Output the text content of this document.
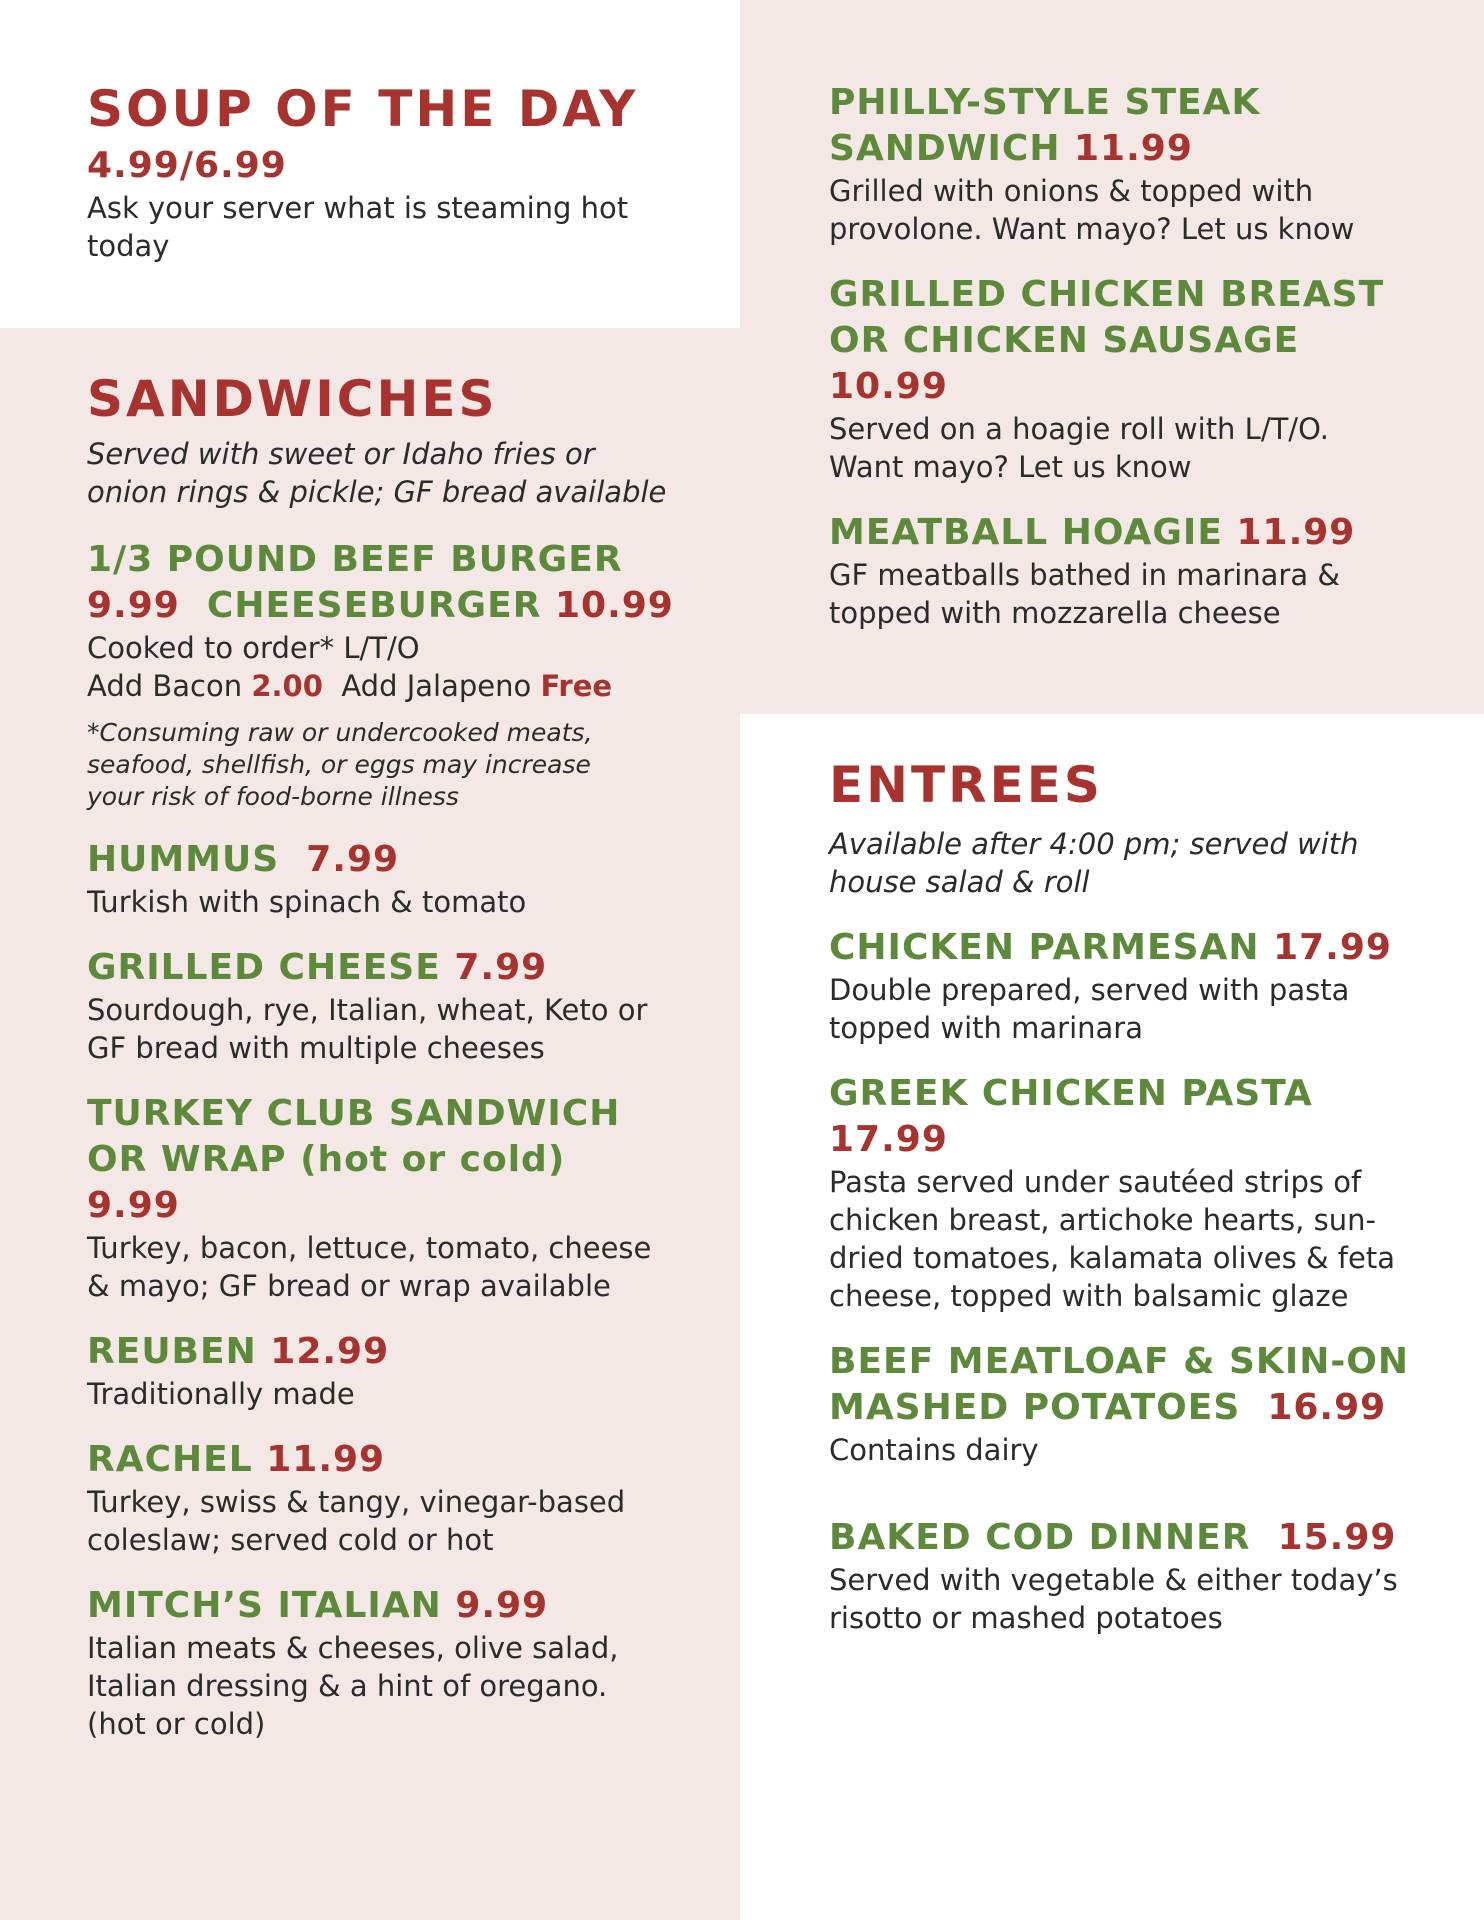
SOUP OF THE DAY
4.99/6.99

Ask your server what is steaming hot today

SANDWICHES

Served with sweet or Idaho fries or onion rings & pickle; GF bread available

1/3 POUND BEEF BURGER
9.99 CHEESEBURGER 10.99

Cooked to order* L/T/O

Add Bacon 2.00 Add Jalapeno Free

*Consuming raw or undercooked meats, seafood, shellfish, or eggs may increase your risk of food-borne illness

HUMMUS 7.99

Turkish with spinach & tomato

GRILLED CHEESE 7.99

Sourdough, rye, Italian, wheat, Keto or GF bread with multiple cheeses

TURKEY CLUB SANDWICH OR WRAP (hot or cold) 9.99

Turkey, bacon, lettuce, tomato, cheese & mayo; GF bread or wrap available

REUBEN 12.99

Traditionally made

RACHEL 11.99

Turkey, swiss & tangy, vinegar-based coleslaw; served cold or hot

MITCH’S ITALIAN 9.99

Italian meats & cheeses, olive salad, Italian dressing & a hint of oregano. (hot or cold)

PHILLY-STYLE STEAK SANDWICH 11.99

Grilled with onions & topped with provolone. Want mayo? Let us know

GRILLED CHICKEN BREAST OR CHICKEN SAUSAGE
10.99

Served on a hoagie roll with L/T/O. Want mayo? Let us know

MEATBALL HOAGIE 11.99

GF meatballs bathed in marinara & topped with mozzarella cheese

ENTREES

Available after 4:00 pm; served with house salad & roll

CHICKEN PARMESAN 17.99

Double prepared, served with pasta topped with marinara

GREEK CHICKEN PASTA
17.99

Pasta served under sautéed strips of chicken breast, artichoke hearts, sun-dried tomatoes, kalamata olives & feta cheese, topped with balsamic glaze

BEEF MEATLOAF & SKIN-ON MASHED POTATOES 16.99

Contains dairy

BAKED COD DINNER 15.99

Served with vegetable & either today’s risotto or mashed potatoes
